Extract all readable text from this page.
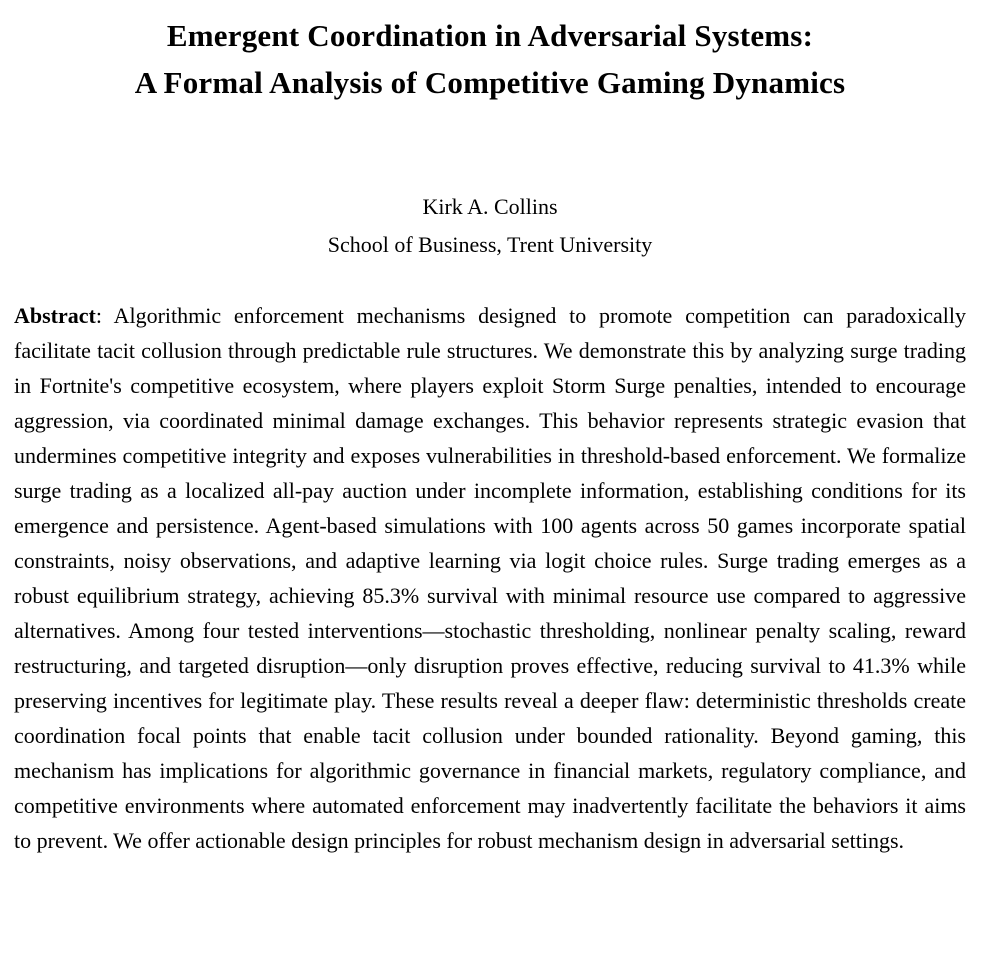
Emergent Coordination in Adversarial Systems:
A Formal Analysis of Competitive Gaming Dynamics
Kirk A. Collins
School of Business, Trent University
Abstract: Algorithmic enforcement mechanisms designed to promote competition can paradoxically facilitate tacit collusion through predictable rule structures. We demonstrate this by analyzing surge trading in Fortnite's competitive ecosystem, where players exploit Storm Surge penalties, intended to encourage aggression, via coordinated minimal damage exchanges. This behavior represents strategic evasion that undermines competitive integrity and exposes vulnerabilities in threshold-based enforcement. We formalize surge trading as a localized all-pay auction under incomplete information, establishing conditions for its emergence and persistence. Agent-based simulations with 100 agents across 50 games incorporate spatial constraints, noisy observations, and adaptive learning via logit choice rules. Surge trading emerges as a robust equilibrium strategy, achieving 85.3% survival with minimal resource use compared to aggressive alternatives. Among four tested interventions—stochastic thresholding, nonlinear penalty scaling, reward restructuring, and targeted disruption—only disruption proves effective, reducing survival to 41.3% while preserving incentives for legitimate play. These results reveal a deeper flaw: deterministic thresholds create coordination focal points that enable tacit collusion under bounded rationality. Beyond gaming, this mechanism has implications for algorithmic governance in financial markets, regulatory compliance, and competitive environments where automated enforcement may inadvertently facilitate the behaviors it aims to prevent. We offer actionable design principles for robust mechanism design in adversarial settings.
